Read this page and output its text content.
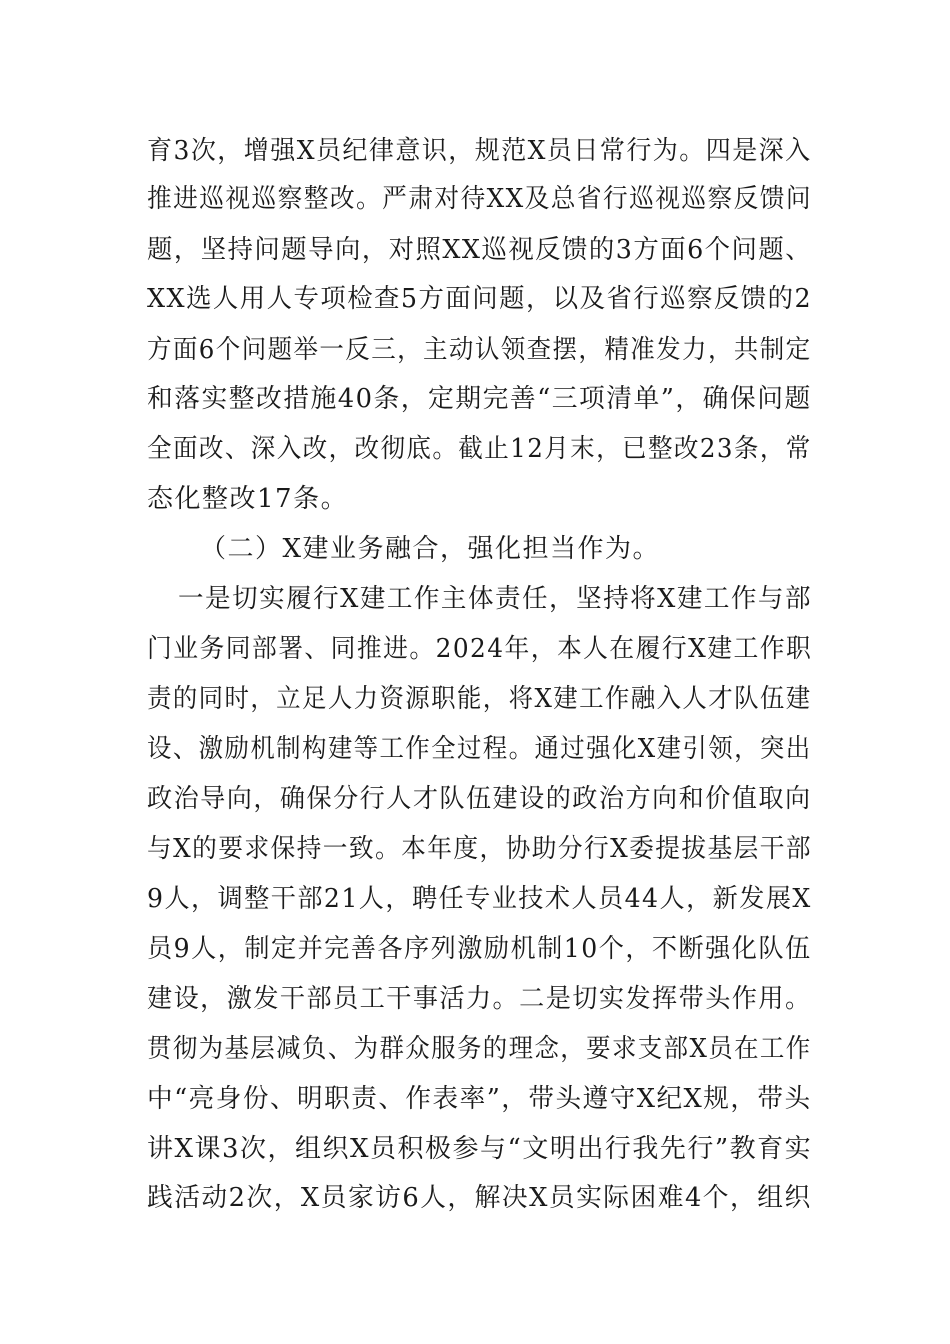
育3次，增强X员纪律意识，规范X员日常行为。四是深入
推进巡视巡察整改。严肃对待XX及总省行巡视巡察反馈问
题，坚持问题导向，对照XX巡视反馈的3方面6个问题、
XX选人用人专项检查5方面问题，以及省行巡察反馈的2
方面6个问题举一反三，主动认领查摆，精准发力，共制定
和落实整改措施40条，定期完善“三项清单”，确保问题
全面改、深入改，改彻底。截止12月末，已整改23条，常
态化整改17条。
（二）X建业务融合，强化担当作为。
一是切实履行X建工作主体责任，坚持将X建工作与部
门业务同部署、同推进。2024年，本人在履行X建工作职
责的同时，立足人力资源职能，将X建工作融入人才队伍建
设、激励机制构建等工作全过程。通过强化X建引领，突出
政治导向，确保分行人才队伍建设的政治方向和价值取向
与X的要求保持一致。本年度，协助分行X委提拔基层干部
9人，调整干部21人，聘任专业技术人员44人，新发展X
员9人，制定并完善各序列激励机制10个，不断强化队伍
建设，激发干部员工干事活力。二是切实发挥带头作用。
贯彻为基层减负、为群众服务的理念，要求支部X员在工作
中“亮身份、明职责、作表率”，带头遵守X纪X规，带头
讲X课3次，组织X员积极参与“文明出行我先行”教育实
践活动2次，X员家访6人，解决X员实际困难4个，组织
